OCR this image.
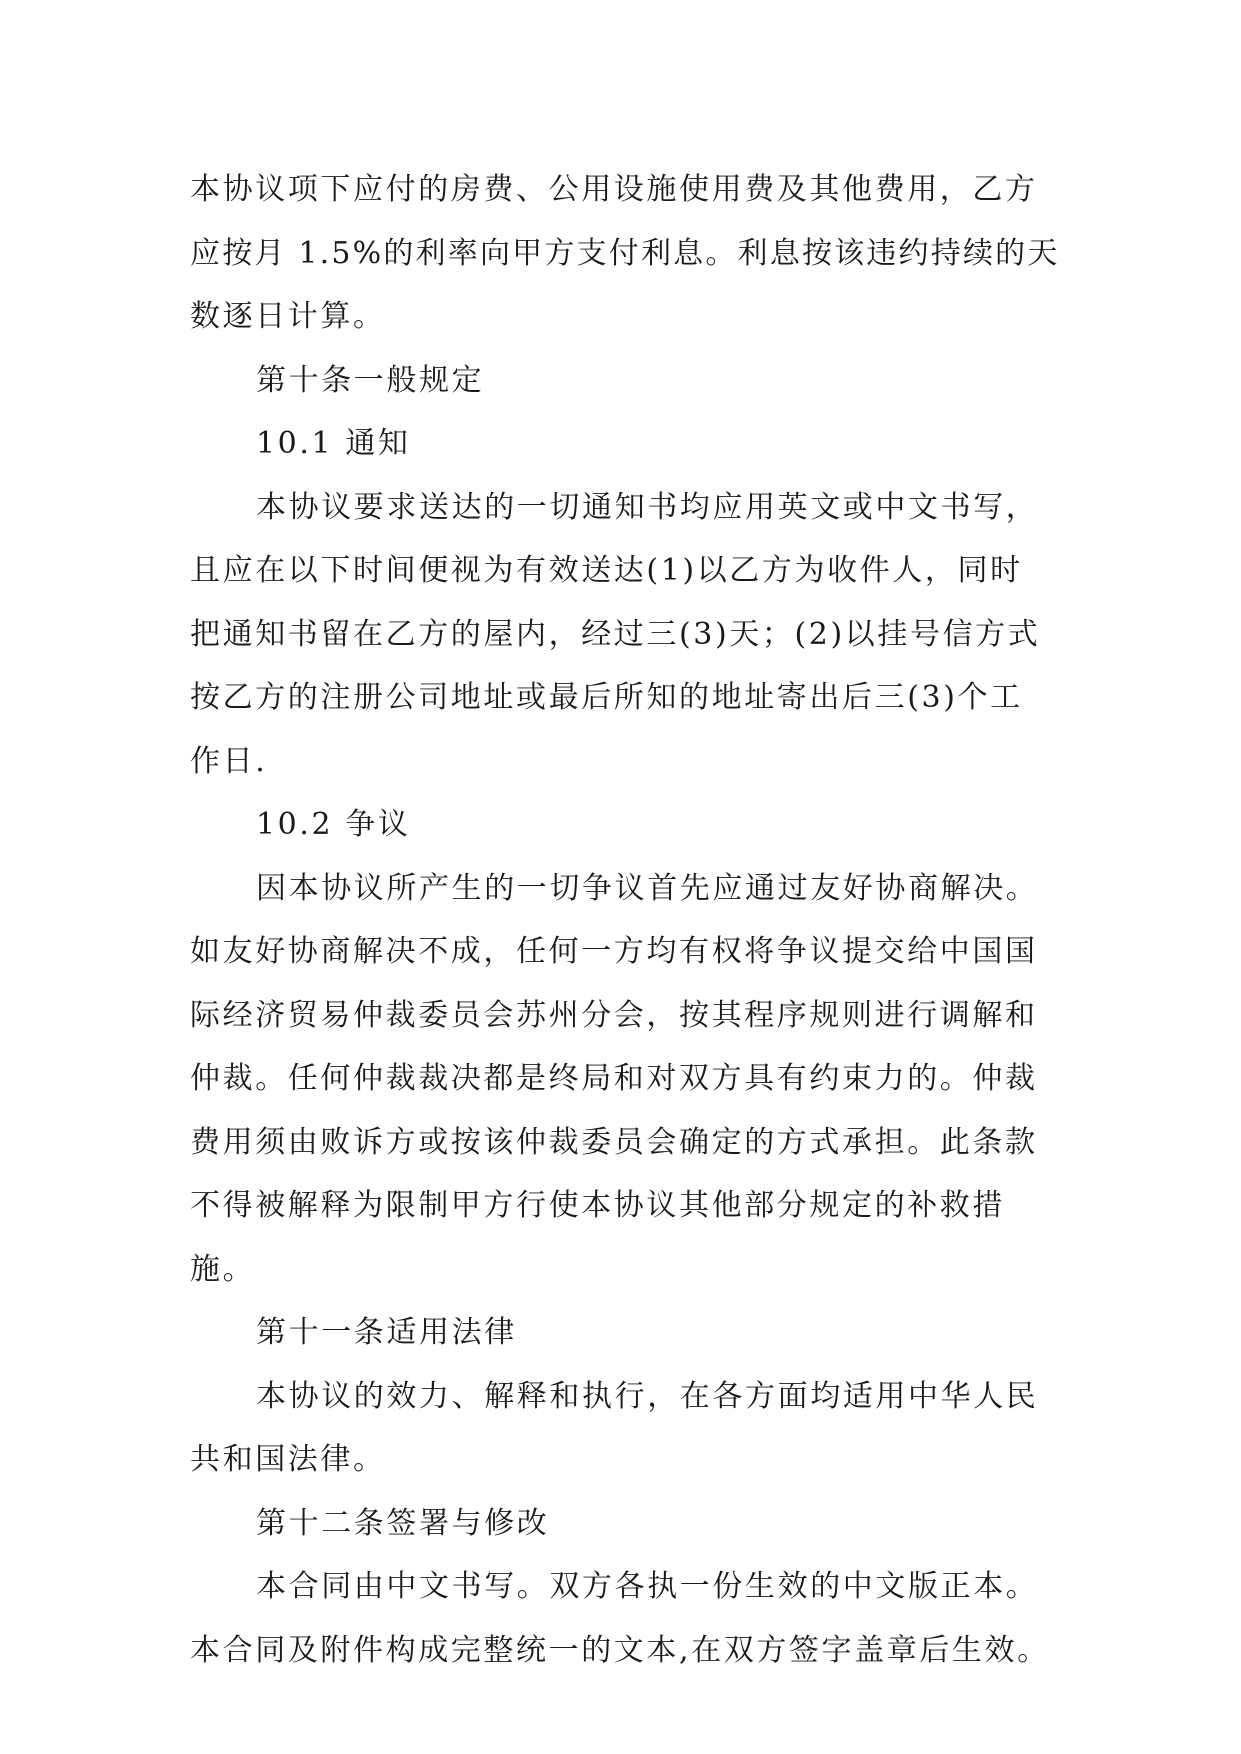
本协议项下应付的房费、公用设施使用费及其他费用，乙方
应按月 1.5%的利率向甲方支付利息。利息按该违约持续的天
数逐日计算。
第十条一般规定
10.1 通知
本协议要求送达的一切通知书均应用英文或中文书写，
且应在以下时间便视为有效送达(1)以乙方为收件人，同时
把通知书留在乙方的屋内，经过三(3)天；(2)以挂号信方式
按乙方的注册公司地址或最后所知的地址寄出后三(3)个工
作日.
10.2 争议
因本协议所产生的一切争议首先应通过友好协商解决。
如友好协商解决不成，任何一方均有权将争议提交给中国国
际经济贸易仲裁委员会苏州分会，按其程序规则进行调解和
仲裁。任何仲裁裁决都是终局和对双方具有约束力的。仲裁
费用须由败诉方或按该仲裁委员会确定的方式承担。此条款
不得被解释为限制甲方行使本协议其他部分规定的补救措
施。
第十一条适用法律
本协议的效力、解释和执行，在各方面均适用中华人民
共和国法律。
第十二条签署与修改
本合同由中文书写。双方各执一份生效的中文版正本。
本合同及附件构成完整统一的文本,在双方签字盖章后生效。
